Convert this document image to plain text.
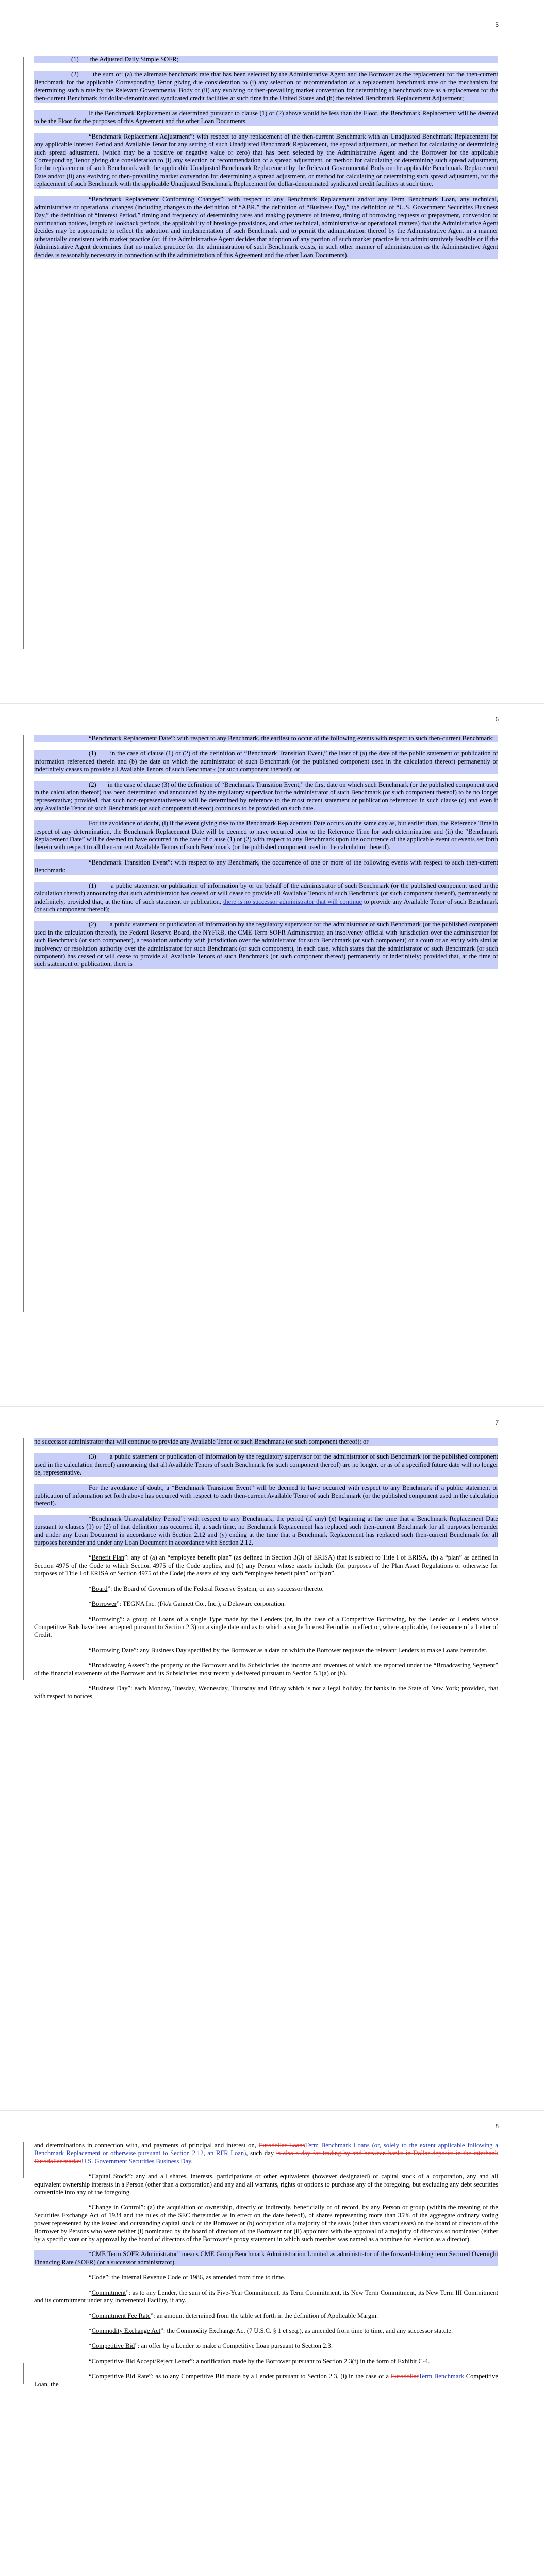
5

(1)       the Adjusted Daily Simple SOFR;

(2)       the sum of: (a) the alternate benchmark rate that has been selected by the Administrative Agent and the Borrower as the replacement for the then-current Benchmark for the applicable Corresponding Tenor giving due consideration to (i) any selection or recommendation of a replacement benchmark rate or the mechanism for determining such a rate by the Relevant Governmental Body or (ii) any evolving or then-prevailing market convention for determining a benchmark rate as a replacement for the then-current Benchmark for dollar-denominated syndicated credit facilities at such time in the United States and (b) the related Benchmark Replacement Adjustment;

If the Benchmark Replacement as determined pursuant to clause (1) or (2) above would be less than the Floor, the Benchmark Replacement will be deemed to be the Floor for the purposes of this Agreement and the other Loan Documents.

“Benchmark Replacement Adjustment”: with respect to any replacement of the then-current Benchmark with an Unadjusted Benchmark Replacement for any applicable Interest Period and Available Tenor for any setting of such Unadjusted Benchmark Replacement, the spread adjustment, or method for calculating or determining such spread adjustment, (which may be a positive or negative value or zero) that has been selected by the Administrative Agent and the Borrower for the applicable Corresponding Tenor giving due consideration to (i) any selection or recommendation of a spread adjustment, or method for calculating or determining such spread adjustment, for the replacement of such Benchmark with the applicable Unadjusted Benchmark Replacement by the Relevant Governmental Body on the applicable Benchmark Replacement Date and/or (ii) any evolving or then-prevailing market convention for determining a spread adjustment, or method for calculating or determining such spread adjustment, for the replacement of such Benchmark with the applicable Unadjusted Benchmark Replacement for dollar-denominated syndicated credit facilities at such time.

“Benchmark Replacement Conforming Changes”: with respect to any Benchmark Replacement and/or any Term Benchmark Loan, any technical, administrative or operational changes (including changes to the definition of “ABR,” the definition of “Business Day,” the definition of “U.S. Government Securities Business Day,” the definition of “Interest Period,” timing and frequency of determining rates and making payments of interest, timing of borrowing requests or prepayment, conversion or continuation notices, length of lookback periods, the applicability of breakage provisions, and other technical, administrative or operational matters) that the Administrative Agent decides may be appropriate to reflect the adoption and implementation of such Benchmark and to permit the administration thereof by the Administrative Agent in a manner substantially consistent with market practice (or, if the Administrative Agent decides that adoption of any portion of such market practice is not administratively feasible or if the Administrative Agent determines that no market practice for the administration of such Benchmark exists, in such other manner of administration as the Administrative Agent decides is reasonably necessary in connection with the administration of this Agreement and the other Loan Documents).

6

“Benchmark Replacement Date”: with respect to any Benchmark, the earliest to occur of the following events with respect to such then-current Benchmark:

(1)       in the case of clause (1) or (2) of the definition of “Benchmark Transition Event,” the later of (a) the date of the public statement or publication of information referenced therein and (b) the date on which the administrator of such Benchmark (or the published component used in the calculation thereof) permanently or indefinitely ceases to provide all Available Tenors of such Benchmark (or such component thereof); or

(2)       in the case of clause (3) of the definition of “Benchmark Transition Event,” the first date on which such Benchmark (or the published component used in the calculation thereof) has been determined and announced by the regulatory supervisor for the administrator of such Benchmark (or such component thereof) to be no longer representative; provided, that such non-representativeness will be determined by reference to the most recent statement or publication referenced in such clause (c) and even if any Available Tenor of such Benchmark (or such component thereof) continues to be provided on such date.

For the avoidance of doubt, (i) if the event giving rise to the Benchmark Replacement Date occurs on the same day as, but earlier than, the Reference Time in respect of any determination, the Benchmark Replacement Date will be deemed to have occurred prior to the Reference Time for such determination and (ii) the “Benchmark Replacement Date” will be deemed to have occurred in the case of clause (1) or (2) with respect to any Benchmark upon the occurrence of the applicable event or events set forth therein with respect to all then-current Available Tenors of such Benchmark (or the published component used in the calculation thereof).

“Benchmark Transition Event”: with respect to any Benchmark, the occurrence of one or more of the following events with respect to such then-current Benchmark:

(1)       a public statement or publication of information by or on behalf of the administrator of such Benchmark (or the published component used in the calculation thereof) announcing that such administrator has ceased or will cease to provide all Available Tenors of such Benchmark (or such component thereof), permanently or indefinitely, provided that, at the time of such statement or publication, there is no successor administrator that will continue to provide any Available Tenor of such Benchmark (or such component thereof);

(2)       a public statement or publication of information by the regulatory supervisor for the administrator of such Benchmark (or the published component used in the calculation thereof), the Federal Reserve Board, the NYFRB, the CME Term SOFR Administrator, an insolvency official with jurisdiction over the administrator for such Benchmark (or such component), a resolution authority with jurisdiction over the administrator for such Benchmark (or such component) or a court or an entity with similar insolvency or resolution authority over the administrator for such Benchmark (or such component), in each case, which states that the administrator of such Benchmark (or such component) has ceased or will cease to provide all Available Tenors of such Benchmark (or such component thereof) permanently or indefinitely; provided that, at the time of such statement or publication, there is

7

no successor administrator that will continue to provide any Available Tenor of such Benchmark (or such component thereof); or

(3)       a public statement or publication of information by the regulatory supervisor for the administrator of such Benchmark (or the published component used in the calculation thereof) announcing that all Available Tenors of such Benchmark (or such component thereof) are no longer, or as of a specified future date will no longer be, representative.

For the avoidance of doubt, a “Benchmark Transition Event” will be deemed to have occurred with respect to any Benchmark if a public statement or publication of information set forth above has occurred with respect to each then-current Available Tenor of such Benchmark (or the published component used in the calculation thereof).

“Benchmark Unavailability Period”: with respect to any Benchmark, the period (if any) (x) beginning at the time that a Benchmark Replacement Date pursuant to clauses (1) or (2) of that definition has occurred if, at such time, no Benchmark Replacement has replaced such then-current Benchmark for all purposes hereunder and under any Loan Document in accordance with Section 2.12 and (y) ending at the time that a Benchmark Replacement has replaced such then-current Benchmark for all purposes hereunder and under any Loan Document in accordance with Section 2.12.

“Benefit Plan”: any of (a) an “employee benefit plan” (as defined in Section 3(3) of ERISA) that is subject to Title I of ERISA, (b) a “plan” as defined in Section 4975 of the Code to which Section 4975 of the Code applies, and (c) any Person whose assets include (for purposes of the Plan Asset Regulations or otherwise for purposes of Title I of ERISA or Section 4975 of the Code) the assets of any such “employee benefit plan” or “plan”.

“Board”: the Board of Governors of the Federal Reserve System, or any successor thereto.

“Borrower”: TEGNA Inc. (f/k/a Gannett Co., Inc.), a Delaware corporation.

“Borrowing”: a group of Loans of a single Type made by the Lenders (or, in the case of a Competitive Borrowing, by the Lender or Lenders whose Competitive Bids have been accepted pursuant to Section 2.3) on a single date and as to which a single Interest Period is in effect or, where applicable, the issuance of a Letter of Credit.

“Borrowing Date”: any Business Day specified by the Borrower as a date on which the Borrower requests the relevant Lenders to make Loans hereunder.

“Broadcasting Assets”: the property of the Borrower and its Subsidiaries the income and revenues of which are reported under the “Broadcasting Segment” of the financial statements of the Borrower and its Subsidiaries most recently delivered pursuant to Section 5.1(a) or (b).

“Business Day”: each Monday, Tuesday, Wednesday, Thursday and Friday which is not a legal holiday for banks in the State of New York; provided, that with respect to notices

8

and determinations in connection with, and payments of principal and interest on, Eurodollar LoansTerm Benchmark Loans (or, solely to the extent applicable following a Benchmark Replacement or otherwise pursuant to Section 2.12, an RFR Loan), such day is also a day for trading by and between banks in Dollar deposits in the interbank Eurodollar marketU.S. Government Securities Business Day.

“Capital Stock”: any and all shares, interests, participations or other equivalents (however designated) of capital stock of a corporation, any and all equivalent ownership interests in a Person (other than a corporation) and any and all warrants, rights or options to purchase any of the foregoing, but excluding any debt securities convertible into any of the foregoing.

“Change in Control”: (a) the acquisition of ownership, directly or indirectly, beneficially or of record, by any Person or group (within the meaning of the Securities Exchange Act of 1934 and the rules of the SEC thereunder as in effect on the date hereof), of shares representing more than 35% of the aggregate ordinary voting power represented by the issued and outstanding capital stock of the Borrower or (b) occupation of a majority of the seats (other than vacant seats) on the board of directors of the Borrower by Persons who were neither (i) nominated by the board of directors of the Borrower nor (ii) appointed with the approval of a majority of directors so nominated (either by a specific vote or by approval by the board of directors of the Borrower’s proxy statement in which such member was named as a nominee for election as a director).

“CME Term SOFR Administrator” means CME Group Benchmark Administration Limited as administrator of the forward-looking term Secured Overnight Financing Rate (SOFR) (or a successor administrator).

“Code”: the Internal Revenue Code of 1986, as amended from time to time.

“Commitment”: as to any Lender, the sum of its Five-Year Commitment, its Term Commitment, its New Term Commitment, its New Term III Commitment and its commitment under any Incremental Facility, if any.

“Commitment Fee Rate”: an amount determined from the table set forth in the definition of Applicable Margin.

“Commodity Exchange Act”: the Commodity Exchange Act (7 U.S.C. § 1 et seq.), as amended from time to time, and any successor statute.

“Competitive Bid”: an offer by a Lender to make a Competitive Loan pursuant to Section 2.3.

“Competitive Bid Accept/Reject Letter”: a notification made by the Borrower pursuant to Section 2.3(f) in the form of Exhibit C-4.

“Competitive Bid Rate”: as to any Competitive Bid made by a Lender pursuant to Section 2.3, (i) in the case of a EurodollarTerm Benchmark Competitive Loan, the
